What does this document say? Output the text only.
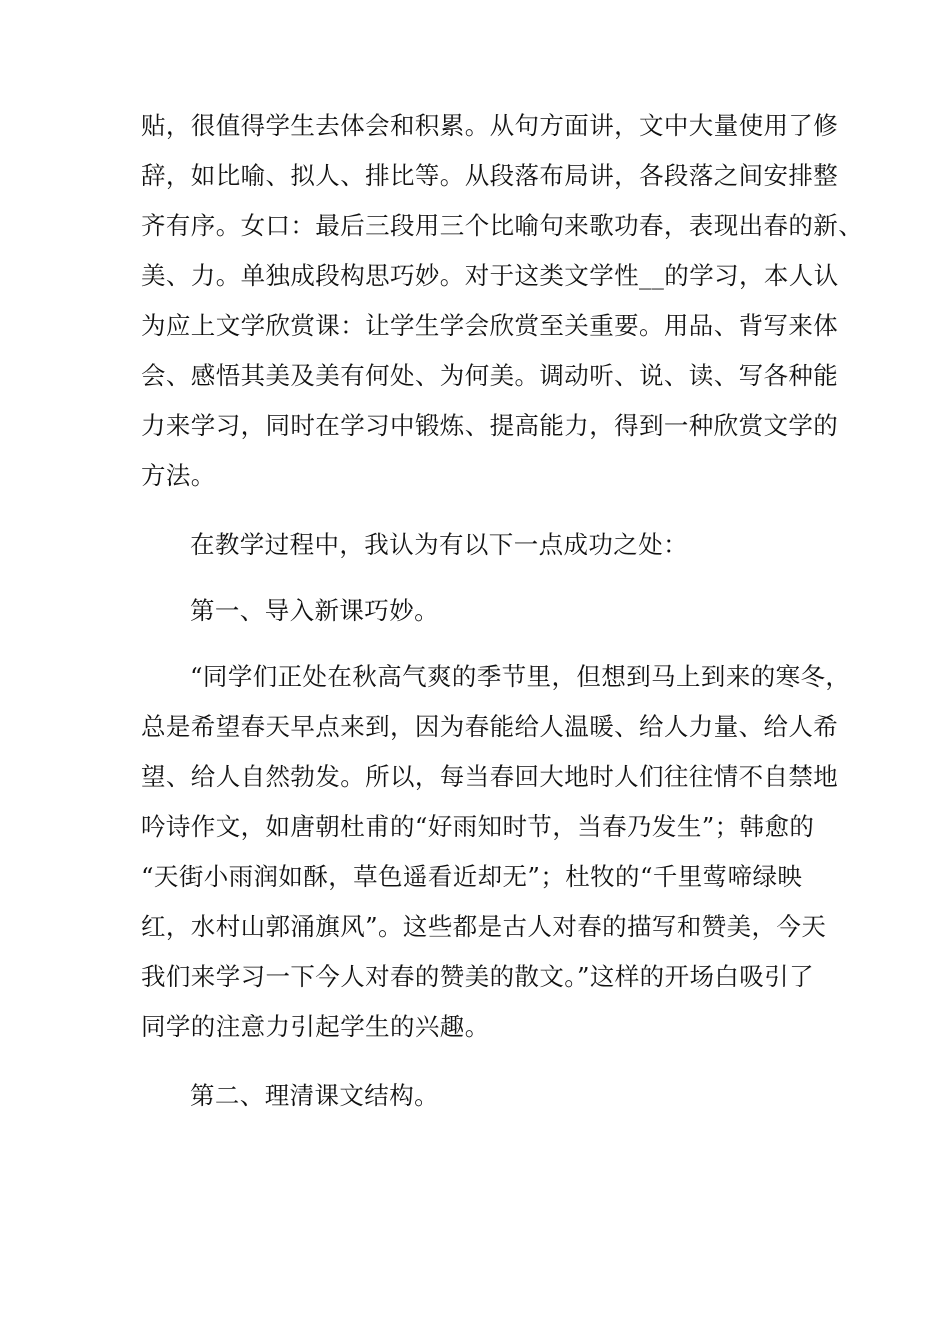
贴，很值得学生去体会和积累。从句方面讲，文中大量使用了修
辞，如比喻、拟人、排比等。从段落布局讲，各段落之间安排整
齐有序。女口：最后三段用三个比喻句来歌功春，表现出春的新、
美、力。单独成段构思巧妙。对于这类文学性__的学习，本人认
为应上文学欣赏课：让学生学会欣赏至关重要。用品、背写来体
会、感悟其美及美有何处、为何美。调动听、说、读、写各种能
力来学习，同时在学习中锻炼、提高能力，得到一种欣赏文学的
方法。
在教学过程中，我认为有以下一点成功之处：
第一、导入新课巧妙。
“同学们正处在秋高气爽的季节里，但想到马上到来的寒冬，
总是希望春天早点来到，因为春能给人温暖、给人力量、给人希
望、给人自然勃发。所以，每当春回大地时人们往往情不自禁地
吟诗作文，如唐朝杜甫的“好雨知时节，当春乃发生”；韩愈的
“天街小雨润如酥，草色遥看近却无”；杜牧的“千里莺啼绿映
红，水村山郭涌旗风”。这些都是古人对春的描写和赞美，今天
我们来学习一下今人对春的赞美的散文。”这样的开场白吸引了
同学的注意力引起学生的兴趣。
第二、理清课文结构。
